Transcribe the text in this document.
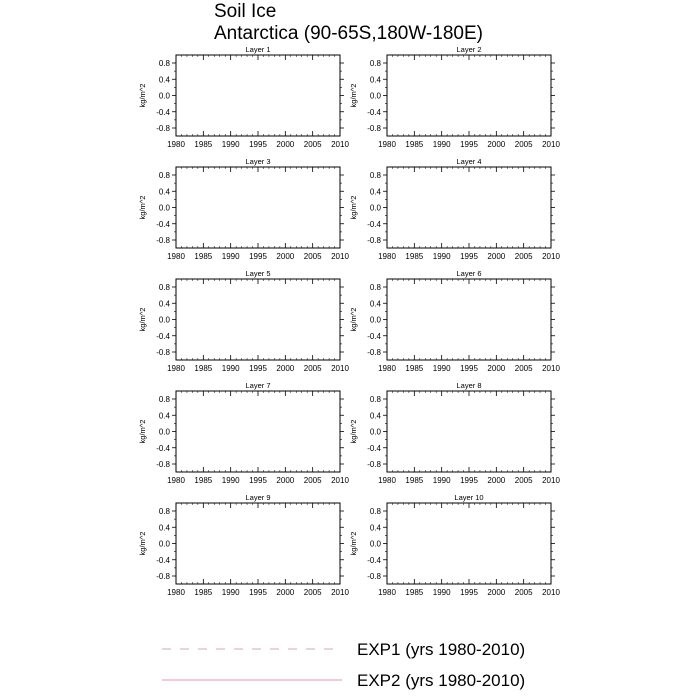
Soil Ice
Antarctica (90-65S,180W-180E)
Layer 1
-0.8
-0.4
0.0
0.4
0.8
1980 1985 1990 1995 2000 2005 2010
kg/m^2
Layer 2
-0.8
-0.4
0.0
0.4
0.8
1980 1985 1990 1995 2000 2005 2010
kg/m^2
Layer 3
-0.8
-0.4
0.0
0.4
0.8
1980 1985 1990 1995 2000 2005 2010
kg/m^2
Layer 4
-0.8
-0.4
0.0
0.4
0.8
1980 1985 1990 1995 2000 2005 2010
kg/m^2
Layer 5
-0.8
-0.4
0.0
0.4
0.8
1980 1985 1990 1995 2000 2005 2010
kg/m^2
Layer 6
-0.8
-0.4
0.0
0.4
0.8
1980 1985 1990 1995 2000 2005 2010
kg/m^2
Layer 7
-0.8
-0.4
0.0
0.4
0.8
1980 1985 1990 1995 2000 2005 2010
kg/m^2
Layer 8
-0.8
-0.4
0.0
0.4
0.8
1980 1985 1990 1995 2000 2005 2010
kg/m^2
Layer 9
-0.8
-0.4
0.0
0.4
0.8
1980 1985 1990 1995 2000 2005 2010
kg/m^2
Layer 10
-0.8
-0.4
0.0
0.4
0.8
1980 1985 1990 1995 2000 2005 2010
kg/m^2
EXP1 (yrs 1980-2010)
EXP2 (yrs 1980-2010)
